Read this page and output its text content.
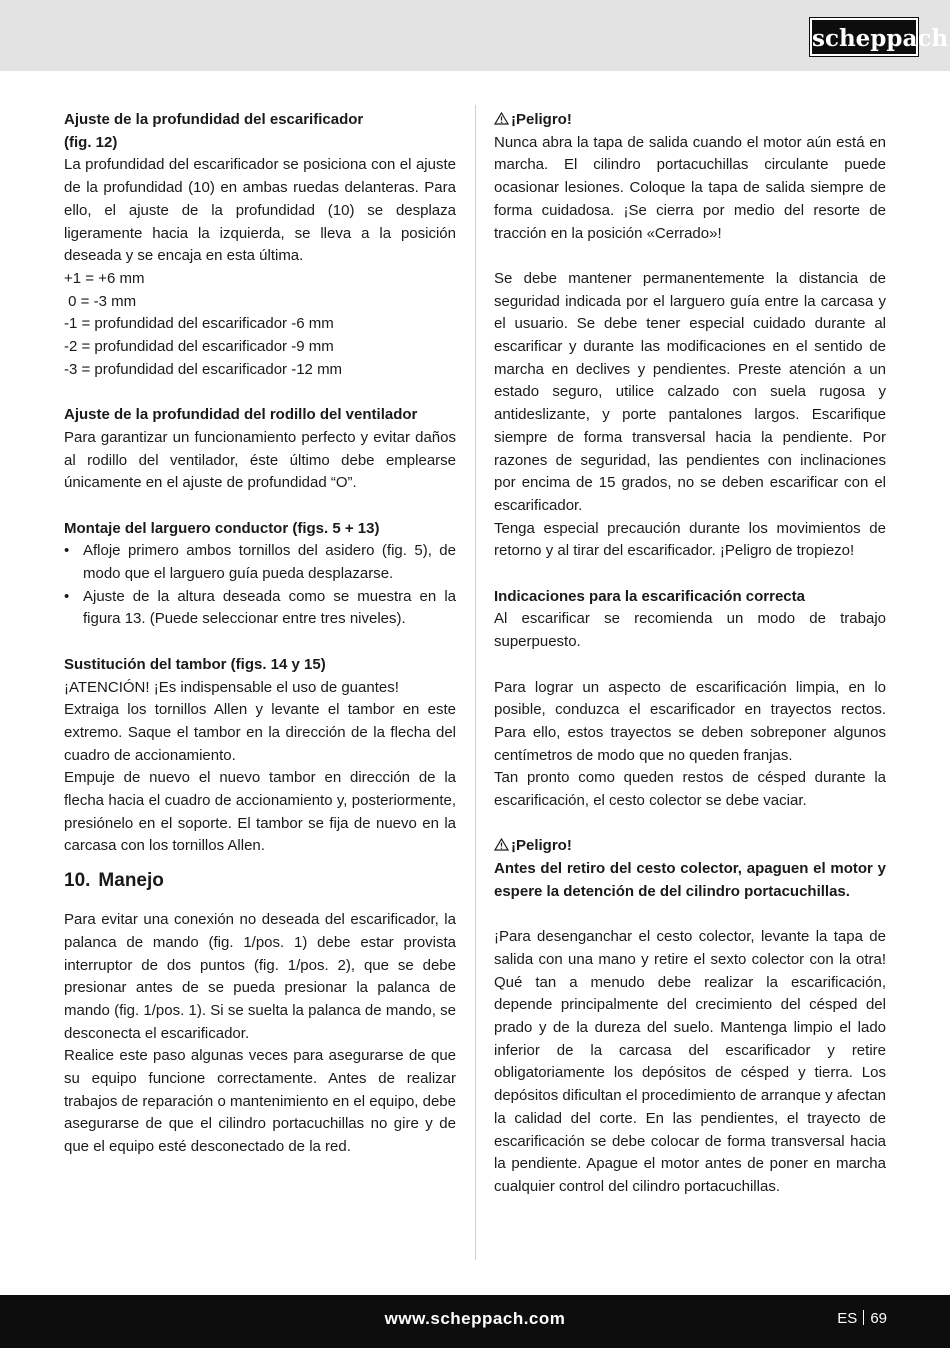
scheppach

Ajuste de la profundidad del escarificador

(fig. 12)

La profundidad del escarificador se posiciona con el ajuste de la profundidad (10) en ambas ruedas delanteras. Para ello, el ajuste de la profundidad (10) se desplaza ligeramente hacia la izquierda, se lleva a la posición deseada y se encaja en esta última.

+1 = +6 mm

0 = -3 mm

-1 = profundidad del escarificador -6 mm

-2 = profundidad del escarificador -9 mm

-3 = profundidad del escarificador -12 mm

Ajuste de la profundidad del rodillo del ventilador

Para garantizar un funcionamiento perfecto y evitar daños al rodillo del ventilador, éste último debe emplearse únicamente en el ajuste de profundidad “O”.

Montaje del larguero conductor (figs. 5 + 13)

• Afloje primero ambos tornillos del asidero (fig. 5), de modo que el larguero guía pueda desplazarse.
• Ajuste de la altura deseada como se muestra en la figura 13. (Puede seleccionar entre tres niveles).

Sustitución del tambor (figs. 14 y 15)

¡ATENCIÓN! ¡Es indispensable el uso de guantes!

Extraiga los tornillos Allen y levante el tambor en este extremo. Saque el tambor en la dirección de la flecha del cuadro de accionamiento.

Empuje de nuevo el nuevo tambor en dirección de la flecha hacia el cuadro de accionamiento y, posteriormente, presiónelo en el soporte. El tambor se fija de nuevo en la carcasa con los tornillos Allen.

10. Manejo

Para evitar una conexión no deseada del escarificador, la palanca de mando (fig. 1/pos. 1) debe estar provista interruptor de dos puntos (fig. 1/pos. 2), que se debe presionar antes de se pueda presionar la palanca de mando (fig. 1/pos. 1). Si se suelta la palanca de mando, se desconecta el escarificador.

Realice este paso algunas veces para asegurarse de que su equipo funcione correctamente. Antes de realizar trabajos de reparación o mantenimiento en el equipo, debe asegurarse de que el cilindro portacuchillas no gire y de que el equipo esté desconectado de la red.

¡Peligro!

Nunca abra la tapa de salida cuando el motor aún está en marcha. El cilindro portacuchillas circulante puede ocasionar lesiones. Coloque la tapa de salida siempre de forma cuidadosa. ¡Se cierra por medio del resorte de tracción en la posición «Cerrado»!

Se debe mantener permanentemente la distancia de seguridad indicada por el larguero guía entre la carcasa y el usuario. Se debe tener especial cuidado durante al escarificar y durante las modificaciones en el sentido de marcha en declives y pendientes. Preste atención a un estado seguro, utilice calzado con suela rugosa y antideslizante, y porte pantalones largos. Escarifique siempre de forma transversal hacia la pendiente. Por razones de seguridad, las pendientes con inclinaciones por encima de 15 grados, no se deben escarificar con el escarificador.

Tenga especial precaución durante los movimientos de retorno y al tirar del escarificador. ¡Peligro de tropiezo!

Indicaciones para la escarificación correcta

Al escarificar se recomienda un modo de trabajo superpuesto.

Para lograr un aspecto de escarificación limpia, en lo posible, conduzca el escarificador en trayectos rectos. Para ello, estos trayectos se deben sobreponer algunos centímetros de modo que no queden franjas.

Tan pronto como queden restos de césped durante la escarificación, el cesto colector se debe vaciar.

¡Peligro!

Antes del retiro del cesto colector, apaguen el motor y espere la detención de del cilindro portacuchillas.

¡Para desenganchar el cesto colector, levante la tapa de salida con una mano y retire el sexto colector con la otra! Qué tan a menudo debe realizar la escarificación, depende principalmente del crecimiento del césped del prado y de la dureza del suelo. Mantenga limpio el lado inferior de la carcasa del escarificador y retire obligatoriamente los depósitos de césped y tierra. Los depósitos dificultan el procedimiento de arranque y afectan la calidad del corte. En las pendientes, el trayecto de escarificación se debe colocar de forma transversal hacia la pendiente. Apague el motor antes de poner en marcha cualquier control del cilindro portacuchillas.

www.scheppach.com	ES 69
